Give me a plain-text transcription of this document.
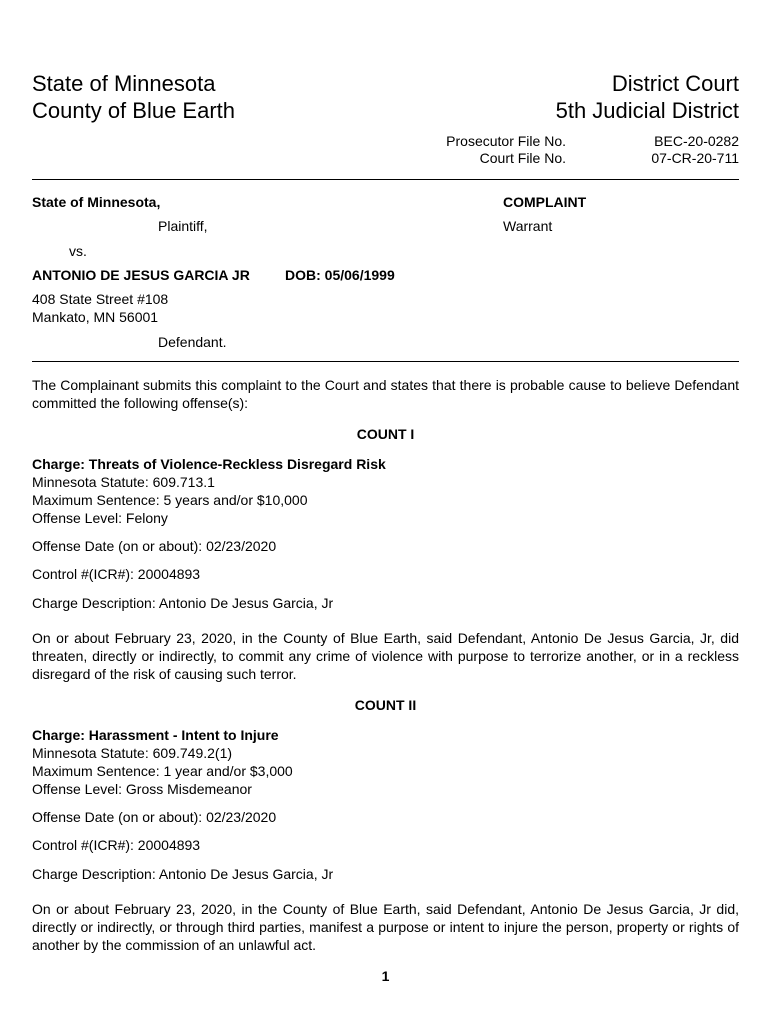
State of Minnesota
County of Blue Earth
District Court
5th Judicial District
Prosecutor File No.	BEC-20-0282
Court File No.	07-CR-20-711
State of Minnesota,
Plaintiff,
vs.
ANTONIO DE JESUS GARCIA JR	DOB: 05/06/1999
408 State Street #108
Mankato, MN 56001
Defendant.
COMPLAINT
Warrant
The Complainant submits this complaint to the Court and states that there is probable cause to believe Defendant committed the following offense(s):
COUNT I
Charge: Threats of Violence-Reckless Disregard Risk
Minnesota Statute: 609.713.1
Maximum Sentence: 5 years and/or $10,000
Offense Level: Felony
Offense Date (on or about): 02/23/2020
Control #(ICR#): 20004893
Charge Description: Antonio De Jesus Garcia, Jr
On or about February 23, 2020, in the County of Blue Earth, said Defendant, Antonio De Jesus Garcia, Jr, did threaten, directly or indirectly, to commit any crime of violence with purpose to terrorize another, or in a reckless disregard of the risk of causing such terror.
COUNT II
Charge: Harassment - Intent to Injure
Minnesota Statute: 609.749.2(1)
Maximum Sentence: 1 year and/or $3,000
Offense Level: Gross Misdemeanor
Offense Date (on or about): 02/23/2020
Control #(ICR#): 20004893
Charge Description: Antonio De Jesus Garcia, Jr
On or about February 23, 2020, in the County of Blue Earth, said Defendant, Antonio De Jesus Garcia, Jr did, directly or indirectly, or through third parties, manifest a purpose or intent to injure the person, property or rights of another by the commission of an unlawful act.
1
